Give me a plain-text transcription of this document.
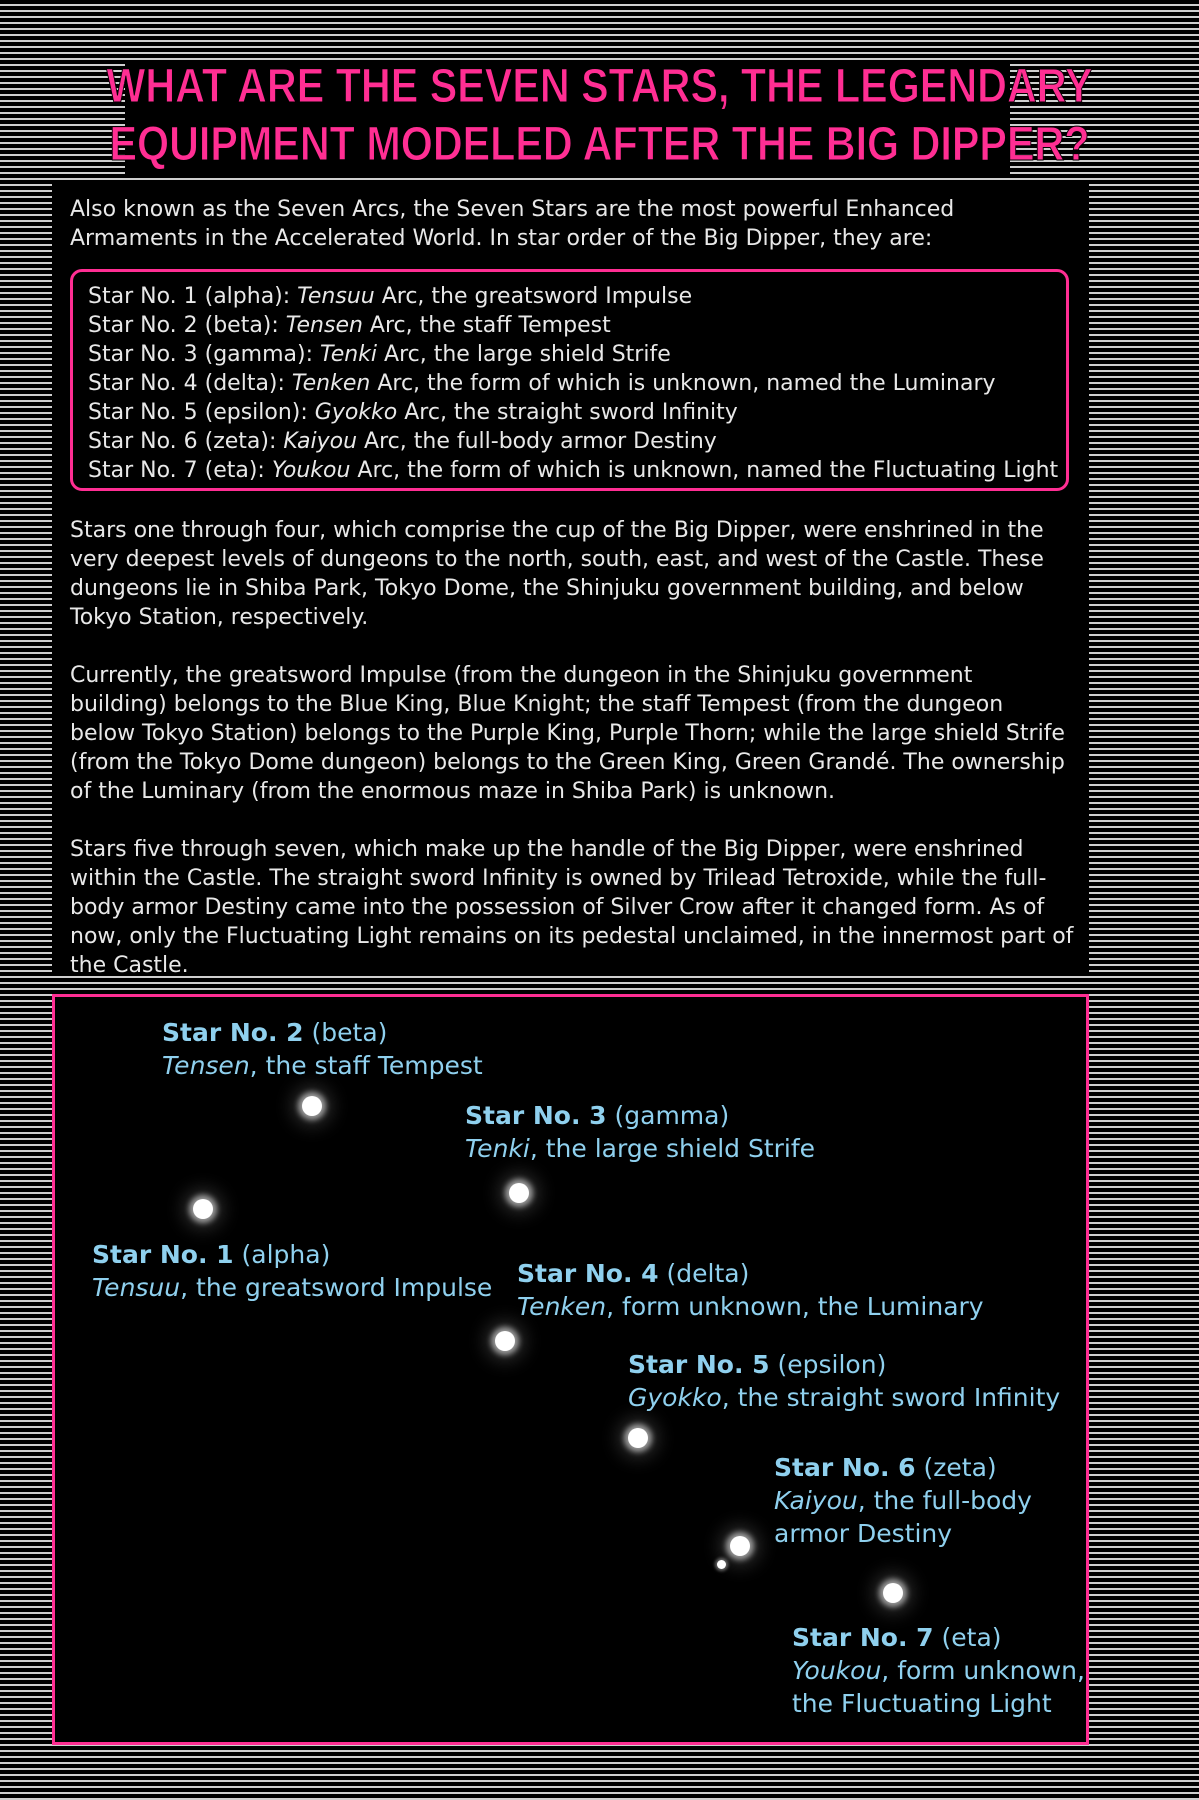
WHAT ARE THE SEVEN STARS, THE LEGENDARY
EQUIPMENT MODELED AFTER THE BIG DIPPER?

Also known as the Seven Arcs, the Seven Stars are the most powerful Enhanced Armaments in the Accelerated World. In star order of the Big Dipper, they are:

Star No. 1 (alpha): Tensuu Arc, the greatsword Impulse

Star No. 2 (beta): Tensen Arc, the staff Tempest

Star No. 3 (gamma): Tenki Arc, the large shield Strife

Star No. 4 (delta): Tenken Arc, the form of which is unknown, named the Luminary

Star No. 5 (epsilon): Gyokko Arc, the straight sword Infinity

Star No. 6 (zeta): Kaiyou Arc, the full-body armor Destiny

Star No. 7 (eta): Youkou Arc, the form of which is unknown, named the Fluctuating Light

Stars one through four, which comprise the cup of the Big Dipper, were enshrined in the very deepest levels of dungeons to the north, south, east, and west of the Castle. These dungeons lie in Shiba Park, Tokyo Dome, the Shinjuku government building, and below Tokyo Station, respectively.

Currently, the greatsword Impulse (from the dungeon in the Shinjuku government building) belongs to the Blue King, Blue Knight; the staff Tempest (from the dungeon below Tokyo Station) belongs to the Purple King, Purple Thorn; while the large shield Strife (from the Tokyo Dome dungeon) belongs to the Green King, Green Grandé. The ownership of the Luminary (from the enormous maze in Shiba Park) is unknown.

Stars five through seven, which make up the handle of the Big Dipper, were enshrined within the Castle. The straight sword Infinity is owned by Trilead Tetroxide, while the full-body armor Destiny came into the possession of Silver Crow after it changed form. As of now, only the Fluctuating Light remains on its pedestal unclaimed, in the innermost part of the Castle.

Star No. 2 (beta)
Tensen, the staff Tempest
Star No. 3 (gamma)
Tenki, the large shield Strife
Star No. 1 (alpha)
Tensuu, the greatsword Impulse Star No. 4 (delta)
Tenken, form unknown, the Luminary
Star No. 5 (epsilon)
Gyokko, the straight sword Infinity
Star No. 6 (zeta)
Kaiyou, the full-body
armor Destiny
Star No. 7 (eta)
Youkou, form unknown,
the Fluctuating Light
